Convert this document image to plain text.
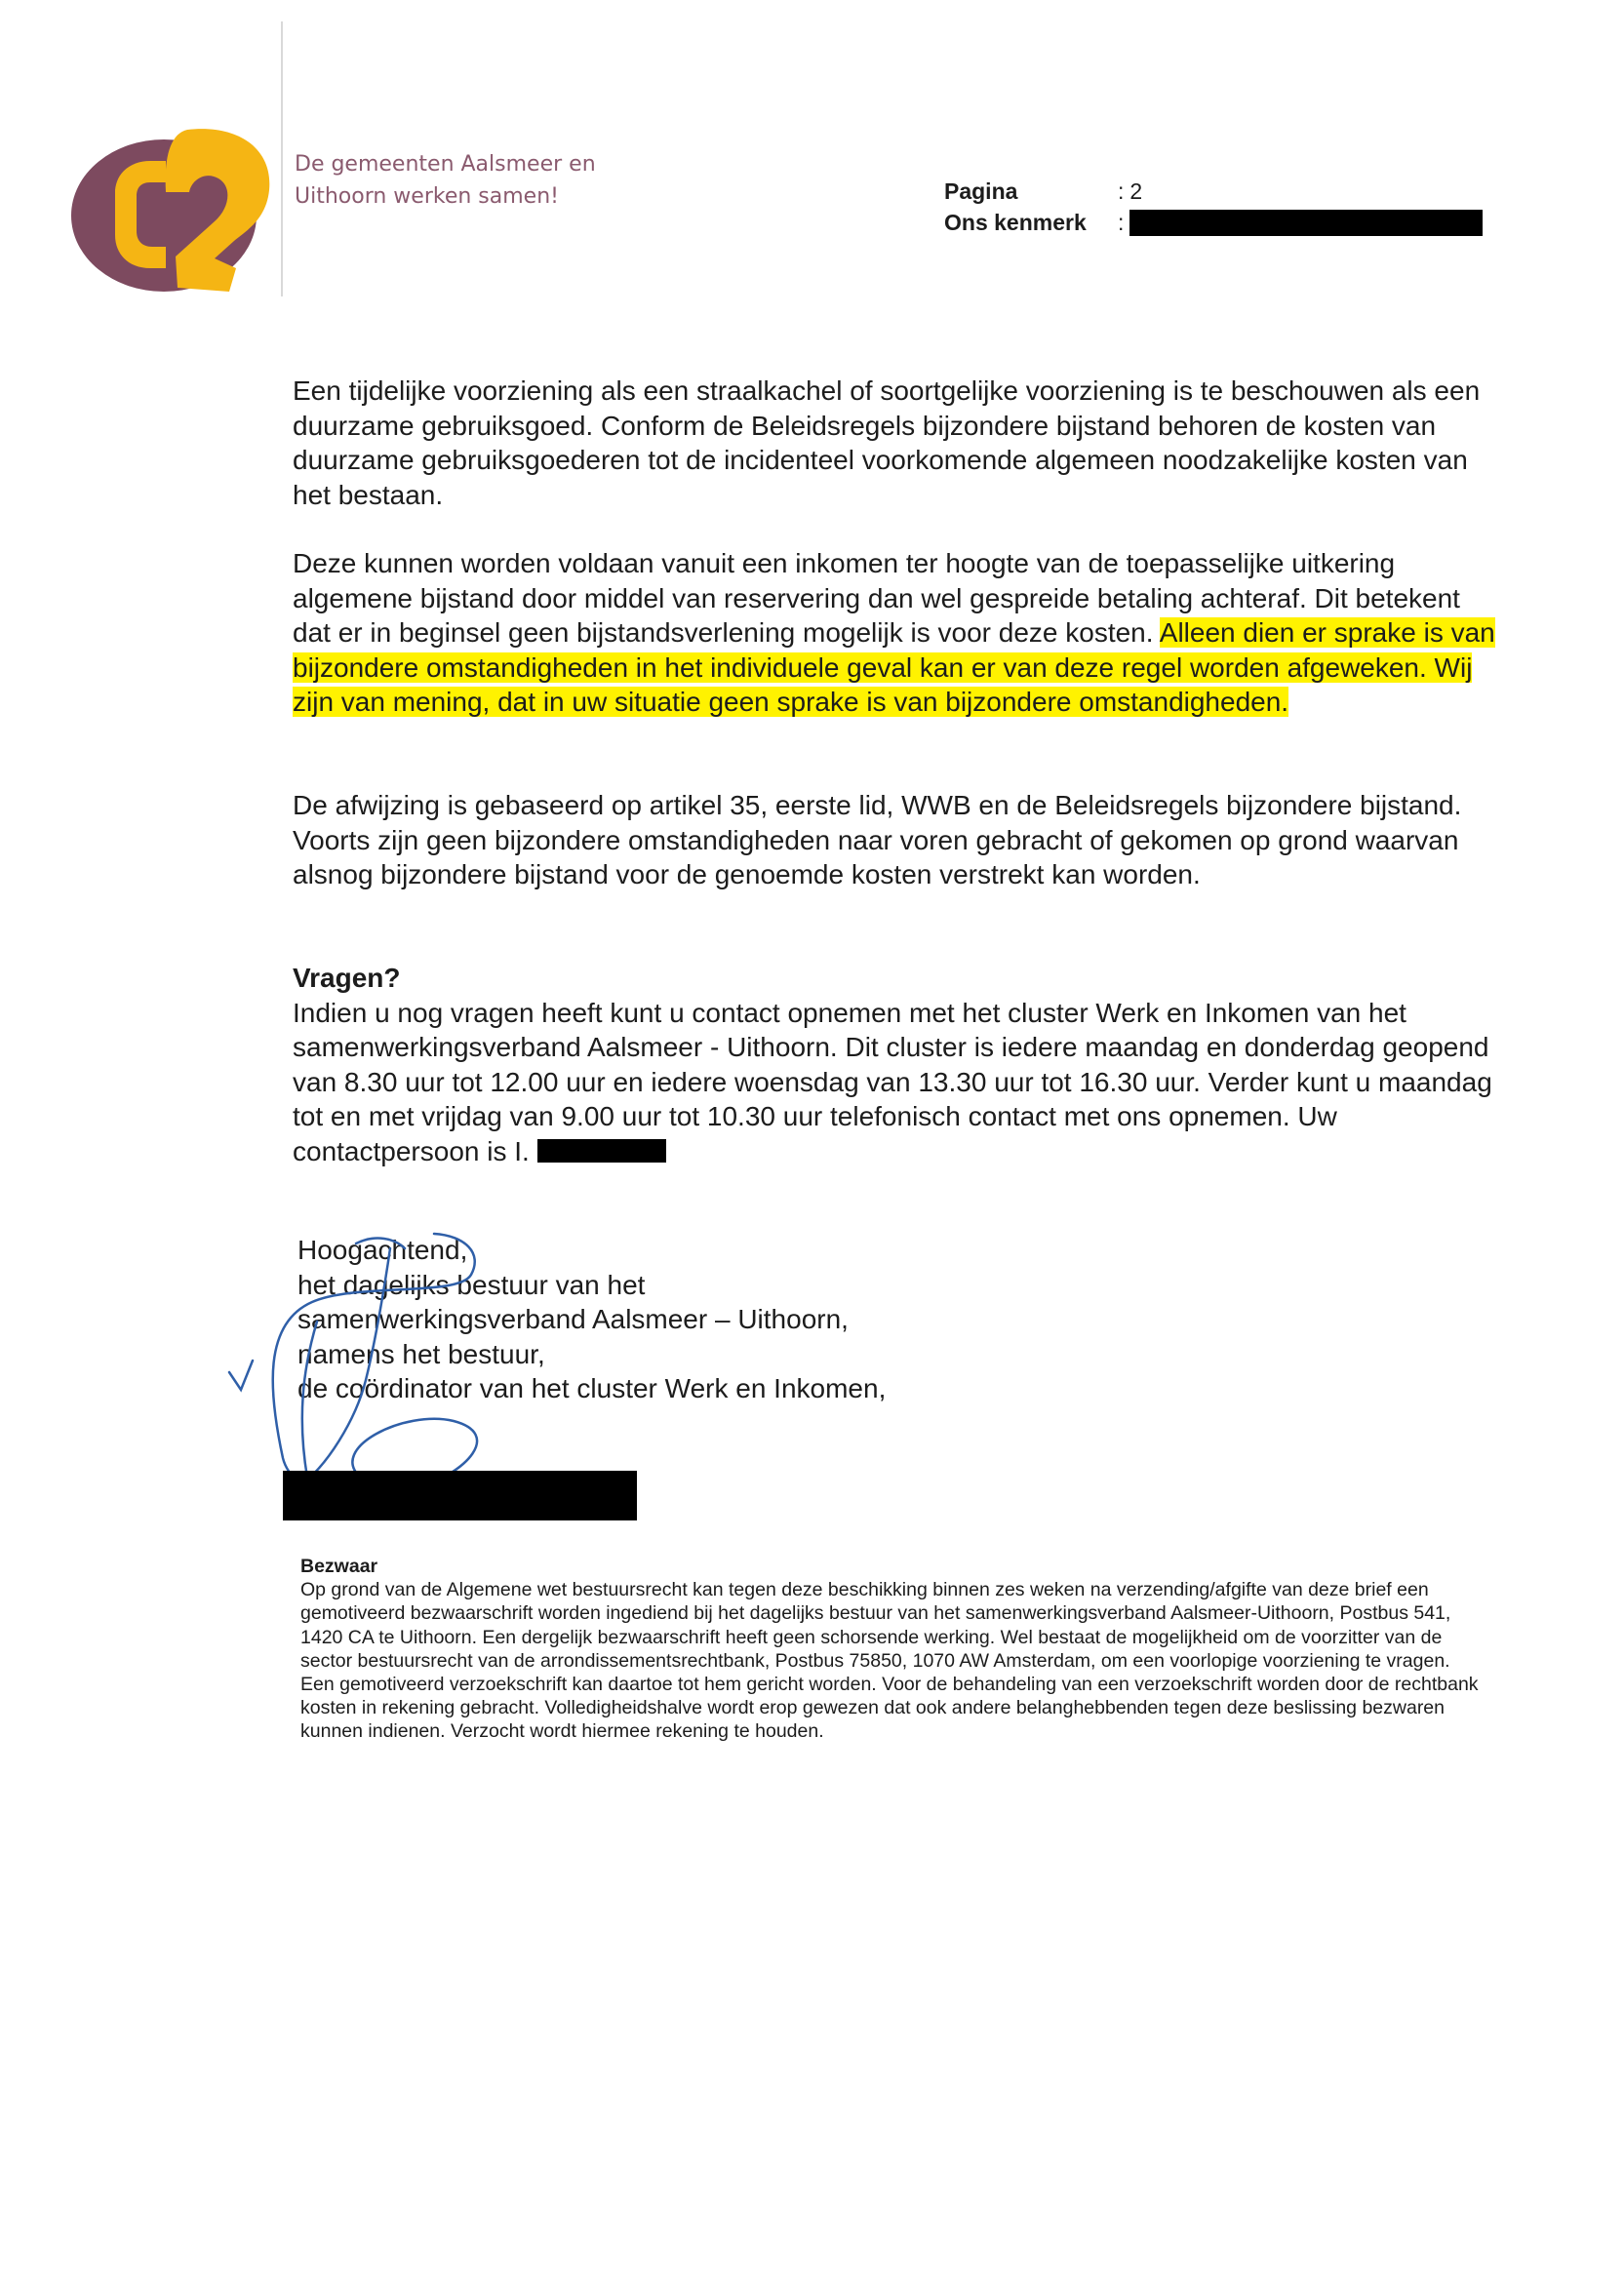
De gemeenten Aalsmeer en
Uithoorn werken samen!	Pagina	: 2
Ons kenmerk	:

Een tijdelijke voorziening als een straalkachel of soortgelijke voorziening is te beschouwen als een duurzame gebruiksgoed. Conform de Beleidsregels bijzondere bijstand behoren de kosten van duurzame gebruiksgoederen tot de incidenteel voorkomende algemeen noodzakelijke kosten van het bestaan.

Deze kunnen worden voldaan vanuit een inkomen ter hoogte van de toepasselijke uitkering algemene bijstand door middel van reservering dan wel gespreide betaling achteraf. Dit betekent dat er in beginsel geen bijstandsverlening mogelijk is voor deze kosten. Alleen dien er sprake is van bijzondere omstandigheden in het individuele geval kan er van deze regel worden afgeweken. Wij zijn van mening, dat in uw situatie geen sprake is van bijzondere omstandigheden.

De afwijzing is gebaseerd op artikel 35, eerste lid, WWB en de Beleidsregels bijzondere bijstand. Voorts zijn geen bijzondere omstandigheden naar voren gebracht of gekomen op grond waarvan alsnog bijzondere bijstand voor de genoemde kosten verstrekt kan worden.

Vragen?

Indien u nog vragen heeft kunt u contact opnemen met het cluster Werk en Inkomen van het samenwerkingsverband Aalsmeer - Uithoorn. Dit cluster is iedere maandag en donderdag geopend van 8.30 uur tot 12.00 uur en iedere woensdag van 13.30 uur tot 16.30 uur. Verder kunt u maandag tot en met vrijdag van 9.00 uur tot 10.30 uur telefonisch contact met ons opnemen. Uw contactpersoon is I.

Hoogachtend,
het dagelijks bestuur van het
samenwerkingsverband Aalsmeer – Uithoorn,
namens het bestuur,
de coördinator van het cluster Werk en Inkomen,
Bezwaar
Op grond van de Algemene wet bestuursrecht kan tegen deze beschikking binnen zes weken na verzending/afgifte van deze brief een gemotiveerd bezwaarschrift worden ingediend bij het dagelijks bestuur van het samenwerkingsverband Aalsmeer-Uithoorn, Postbus 541, 1420 CA te Uithoorn. Een dergelijk bezwaarschrift heeft geen schorsende werking. Wel bestaat de mogelijkheid om de voorzitter van de sector bestuursrecht van de arrondissementsrechtbank, Postbus 75850, 1070 AW Amsterdam, om een voorlopige voorziening te vragen. Een gemotiveerd verzoekschrift kan daartoe tot hem gericht worden. Voor de behandeling van een verzoekschrift worden door de rechtbank kosten in rekening gebracht. Volledigheidshalve wordt erop gewezen dat ook andere belanghebbenden tegen deze beslissing bezwaren kunnen indienen. Verzocht wordt hiermee rekening te houden.
